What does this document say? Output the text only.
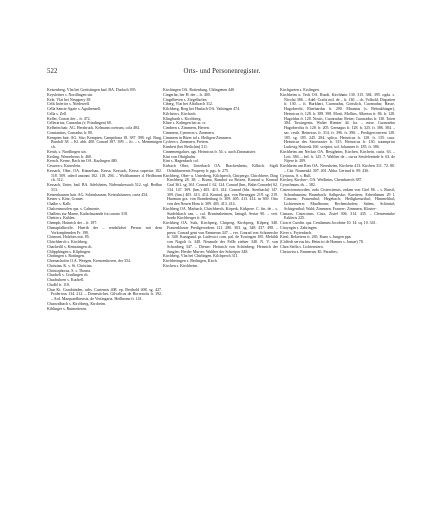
522	Orts- und Personenregister.
Keisenberg, Vlat bei Grettstingen bad. BA. Durlach 395.
Keysleiner s. Nordlingen sin.
Kele, Vlat bei Neuppery 38.
Cells Inferior s. Niederzell.
Cella Sancte Agate s. Agathenzell.
Cella s. Zell.
Keller, Conrat der – fr. 472.
Cellerarius, Cunradus (v. Frindingen) 60.
Kelheim bair. AG. Hersbruck. Kelmann ocetrum, cola 484.
Constantius, Conradus fr. 80.
Kempten bair. AG. Sitz; Kempten, Campidona 18. 387. 398. vgl. Burg, Burdolf 38. – Kl. abb. 400. Conrad 397. 399. – Jo. – s. Memmingen ch.
Kerah, s. Nordlingen sin.
Kerling, Werneberus fr. 460.
Kersch, Kerne, Bach im OA. Kazlingen 480.
Cesarea s. Kaiserlein.
Kessach, Ober, OA. Künzelsau, Kessa, Kessach, Kessa superius 102. 118. 509. oderd anzinni 102. 118. 294. – Wolfhammer d. Heilbronn ch. 312.
Kessach, Unter, bad. BA. Adelsheim, Nideraskessach 512. vgl. Bedbar 313.
Ketzenhausen bair. AG. Schönhausen, Ketzishäusern, curia 454.
Ketzer s. Kötz, Gruner.
Chalbe s. Kalb.
Chalcenmoolen cpa. s. Calmonte.
Challens zur Marne, Katholaurande fra conaio 318.
Chettin s. Kahlen.
Chemph, Hainrich der – fr. 187.
Chenapfalbroffe, Haerib der – rendalichei Person mit dem Vorkonphenden Fr. 190.
Chirnoni, Holzbirs mit. 85.
Chirchberch s. Kirchberg.
Chacketlil s. Kennaingen ch.
Chlipphingen s. Klipfingen.
Chrttingen s. Rottingen.
Chrenachofen O.A. Weegen, Krenzenhoven, der 354.
Christian, K. s. St. Christian.
Christophorus, S. s. Thoma.
Chucheli s. Grutlingen ch.
Chuchuhren s. Kuchell.
Chulbl fr. 110.
Chur Kt. Graubünden, urbs. Curiensis 408. ep. Berthold 408. sg. 427. Fridericus 134. 212. – Domestiches. Gilvalicas de Horrenciis fr. 192. – Ard. Marquardhiensis, de Vertingaria. Heilbronn fr. 141.
Churwalbach s. Kirchberg, Kircheim.
Kiblinger s. Ruimetteren.
Kirchingen OA. Rottenburg, Chlingenen 440.
Cingerlar, her H. der – fr. 400.
Cingelbeven s. Ziegelhofen.
Ciberg, Vlat bei Affaltrach 312.
Kilchberg, Berg bei Haslach OA. Vaihingen 474.
Kilchein s. Kirchach.
Klingbarth s. Kirchberg.
Kline s. Kalingen bei ar. cr.
Cimbern s. Zimmern, Herren.
Cimmern, Cymeron s. Zimmern.
Cimmern in Bürer tal s. Heiligen-Zimmern.
Cyclern s. Zimmern, Freiern.
Kimbert (bei Berlichin) 311.
Cinnemengaluer, ags. Heinricus fr. 54. s. auch Zinsmaister.
Kint von Obrighalm.
Kint s. Hagenbach col.
Kirbach Ober, Unterbach OA. Brackenheim, Kilbich. Sigili Ochsbhuerenis Property fr. pgs. fr. 275.
Kirchberg, Ober- u. Unterberg, Kilchperch, Chirpergo, Chirchbere, Darg Kirchberg 28. 38. – Bruno, Rambof zu Brixen, Konrad u. Konrad Graf 361. sg. 361. Conrad J. 62. 124. Conrad (bm., Bahn Conrade) 62. 134. 147. 309. (bm.) 405. 413. 414. Conrad (bhs. Stertbacht) 147. 309. (bm.) 405. 413. 414. Konrad, gra. von Bernegger 219. sg. 219. Hartman gra. von Brandenburg fr. 309. 405. 413. 414. tn 369. Otto von den Neuen Hom fr. 309. 405. 413. 414.
Kirchberg OA. Marbach, Chirchberch, Kirperk, Kirkpere. C. ftn. de – s. Stadelsbach can. – col. Bruninsheimen, Janagil, Sertar 90. – veit. bordo Kirchberger fr. 86.
Kirchberg OA. Sulz, Kirchperg, Chirperg, Kirchperg, Kilperg 348. Frauenkloster Predigerordens 121. 280. 303. sg. 348. 437. 498. – preza. Conrad gent von Emmeran 347. – ver. Conrad von Schonerche fr. 348. Kunigund, pr. Ludewici com. pal. de Tuwingen 185. Mehildi von Nagolt fr. 348. Neumale der Fellb ziehter 348. N. V. von Schonberg 347. – Diener: Heinrich von Schönberg; Heinrich der Jungfer; Herder Murrer; Walther der Schreiper 348.
Kirchberg, Vlat bei Chirlingen, Kilchperch 311.
Kirchberingen s. Berlingen, Kirch.
Kirchen s. Kirchheim.
Kirchgarten s. Esslingen.
Kirchheim u. Teck OA. Rusdi, Kirchhain 130. 315. 384. 395. ogda. s. Nicolai 386. – Adel: Crafts mil. de – fr. 130. – ch. Volbold, Dispatten fr. 130. – ft. Burkhart, Cuonradus, Gottslich, Cuonradus; Hasse, Hugobrecht, Eberhardus fr. 290. Maunius (s. Bebrakhinger), Heinricus fr. 128. fr. 389. 398. Morit, Mollins, Albertus fr. 86. fr. 128. Hugoldus fr. 128. Nostic, Cuonradus; Reiter, Cuonradus fr. 130. Toten 384. Tuwingenis, Walter Rienier 44. fra. – mise. Cuonradus Hugobrechts fr. 128. fr. 205. Gernagus fr. 128. fr. 325. fr. 386. 384. – sac. resth. Heinricus fr. 314. fr. 396. fr. 396. – Predigerconvent 128. 185. sg. 185. 245. 284. splica. Heinricus fr. 128. fr. 135. cura. Heinricus des Stroeaoster fr. 315. Heinricus fr. 130. sotamprior Ludovig Sbitorsk 160. scriptor, sol. Johannes fr. 185. fr. 386.
Kirchheim am Neckar OA. Besigheim, Kirchen, Kirchein, curia. 63. – Loit. 384. – bel. fr. 125. 7. Walther de – curva Seisfeleninde fr. 63. de Nijere fr. 209.
Kirchheim am Ries OA. Neresheim, Kirchein 413. Kirchen 311. 72. 80. – Cist. Nonnenkl. 307. 401. Abba. Gertrud fr. 89. 436.
Cyriacus, S. s. Bull.
Kirchey, Kircher-, OA. Weilheim, Chernbaerch 387.
Cyruchnum, ds. – 382.
Cistercienserorden, ordo Cisterciensis, ordam von Citel 86. – s. Bursil; Schonbaunim; Brumbach; Salbprsko; Kaeitern; Erbeiihimm 29 l. Cimonz; Frauenthal; Hegebach; Heiligkreuzthal; Himmelthal; Lichtenstern; Maulbronn; Rechenshofen; Salem; Schöntal; Schirgenthal; Wald; Zimmern, Frauen-; Zimmern, Kloster-.
Cisnaus, Cistercium, Cistz, Zisiel 306. 314. 435. – Clemenzinke Exkleris 225.
Cion et Cuedin. cpa. Centlanum Jocobine 10. 14. sq. 10. 341.
Citoyngin s. Zahringen.
Kiver s. Frytenbach.
Kiezl, Bekretens fr. 265. Kuno s. Jungen ppa.
(Cidfedt servus bts. Heinrici de Hannes s. Jamae) 78.
Clara Stella s. Lichtenstern.
Clariavira s. Emmeran, Kl. Paradies;
